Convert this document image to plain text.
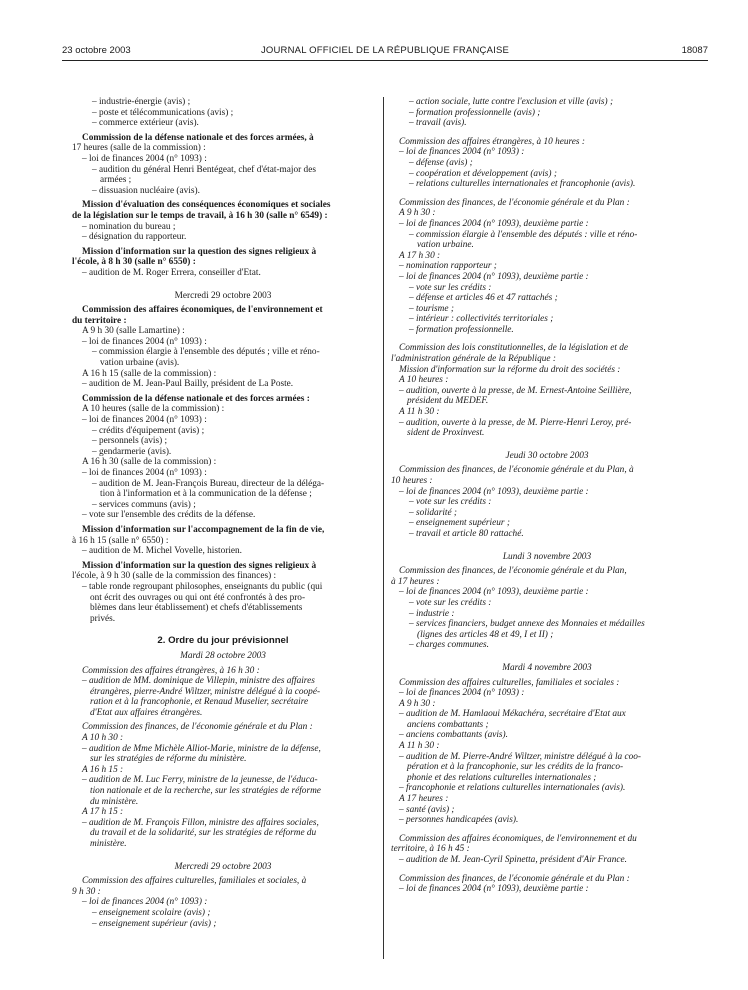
23 octobre 2003	JOURNAL OFFICIEL DE LA RÉPUBLIQUE FRANÇAISE	18087
– industrie-énergie (avis) ;
– poste et télécommunications (avis) ;
– commerce extérieur (avis).
Commission de la défense nationale et des forces armées, à
17 heures (salle de la commission) :
– loi de finances 2004 (n° 1093) :
– audition du général Henri Bentégeat, chef d'état-major des
armées ;
– dissuasion nucléaire (avis).
Mission d'évaluation des conséquences économiques et sociales
de la législation sur le temps de travail, à 16 h 30 (salle n° 6549) :
– nomination du bureau ;
– désignation du rapporteur.
Mission d'information sur la question des signes religieux à
l'école, à 8 h 30 (salle n° 6550) :
– audition de M. Roger Errera, conseiller d'Etat.
Mercredi 29 octobre 2003
Commission des affaires économiques, de l'environnement et
du territoire :
A 9 h 30 (salle Lamartine) :
– loi de finances 2004 (n° 1093) :
– commission élargie à l'ensemble des députés ; ville et réno-
vation urbaine (avis).
A 16 h 15 (salle de la commission) :
– audition de M. Jean-Paul Bailly, président de La Poste.
Commission de la défense nationale et des forces armées :
A 10 heures (salle de la commission) :
– loi de finances 2004 (n° 1093) :
– crédits d'équipement (avis) ;
– personnels (avis) ;
– gendarmerie (avis).
A 16 h 30 (salle de la commission) :
– loi de finances 2004 (n° 1093) :
– audition de M. Jean-François Bureau, directeur de la déléga-
tion à l'information et à la communication de la défense ;
– services communs (avis) ;
– vote sur l'ensemble des crédits de la défense.
Mission d'information sur l'accompagnement de la fin de vie,
à 16 h 15 (salle n° 6550) :
– audition de M. Michel Vovelle, historien.
Mission d'information sur la question des signes religieux à
l'école, à 9 h 30 (salle de la commission des finances) :
– table ronde regroupant philosophes, enseignants du public (qui
ont écrit des ouvrages ou qui ont été confrontés à des pro-
blèmes dans leur établissement) et chefs d'établissements
privés.
2. Ordre du jour prévisionnel
Mardi 28 octobre 2003
Commission des affaires étrangères, à 16 h 30 :
– audition de MM. dominique de Villepin, ministre des affaires
étrangères, pierre-André Wiltzer, ministre délégué à la coopé-
ration et à la francophonie, et Renaud Muselier, secrétaire
d'Etat aux affaires étrangères.
Commission des finances, de l'économie générale et du Plan :
A 10 h 30 :
– audition de Mme Michèle Alliot-Marie, ministre de la défense,
sur les stratégies de réforme du ministère.
A 16 h 15 :
– audition de M. Luc Ferry, ministre de la jeunesse, de l'éduca-
tion nationale et de la recherche, sur les stratégies de réforme
du ministère.
A 17 h 15 :
– audition de M. François Fillon, ministre des affaires sociales,
du travail et de la solidarité, sur les stratégies de réforme du
ministère.
Mercredi 29 octobre 2003
Commission des affaires culturelles, familiales et sociales, à
9 h 30 :
– loi de finances 2004 (n° 1093) :
– enseignement scolaire (avis) ;
– enseignement supérieur (avis) ;
– action sociale, lutte contre l'exclusion et ville (avis) ;
– formation professionnelle (avis) ;
– travail (avis).
Commission des affaires étrangères, à 10 heures :
– loi de finances 2004 (n° 1093) :
– défense (avis) ;
– coopération et développement (avis) ;
– relations culturelles internationales et francophonie (avis).
Commission des finances, de l'économie générale et du Plan :
A 9 h 30 :
– loi de finances 2004 (n° 1093), deuxième partie :
– commission élargie à l'ensemble des députés : ville et réno-
vation urbaine.
A 17 h 30 :
– nomination rapporteur ;
– loi de finances 2004 (n° 1093), deuxième partie :
– vote sur les crédits :
– défense et articles 46 et 47 rattachés ;
– tourisme ;
– intérieur : collectivités territoriales ;
– formation professionnelle.
Commission des lois constitutionnelles, de la législation et de
l'administration générale de la République :
Mission d'information sur la réforme du droit des sociétés :
A 10 heures :
– audition, ouverte à la presse, de M. Ernest-Antoine Seillière,
président du MEDEF.
A 11 h 30 :
– audition, ouverte à la presse, de M. Pierre-Henri Leroy, pré-
sident de Proxinvest.
Jeudi 30 octobre 2003
Commission des finances, de l'économie générale et du Plan, à
10 heures :
– loi de finances 2004 (n° 1093), deuxième partie :
– vote sur les crédits :
– solidarité ;
– enseignement supérieur ;
– travail et article 80 rattaché.
Lundi 3 novembre 2003
Commission des finances, de l'économie générale et du Plan,
à 17 heures :
– loi de finances 2004 (n° 1093), deuxième partie :
– vote sur les crédits :
– industrie :
– services financiers, budget annexe des Monnaies et médailles
(lignes des articles 48 et 49, I et II) ;
– charges communes.
Mardi 4 novembre 2003
Commission des affaires culturelles, familiales et sociales :
– loi de finances 2004 (n° 1093) :
A 9 h 30 :
– audition de M. Hamlaoui Mékachéra, secrétaire d'Etat aux
anciens combattants ;
– anciens combattants (avis).
A 11 h 30 :
– audition de M. Pierre-André Wiltzer, ministre délégué à la coo-
pération et à la francophonie, sur les crédits de la franco-
phonie et des relations culturelles internationales ;
– francophonie et relations culturelles internationales (avis).
A 17 heures :
– santé (avis) ;
– personnes handicapées (avis).
Commission des affaires économiques, de l'environnement et du
territoire, à 16 h 45 :
– audition de M. Jean-Cyril Spinetta, président d'Air France.
Commission des finances, de l'économie générale et du Plan :
– loi de finances 2004 (n° 1093), deuxième partie :
